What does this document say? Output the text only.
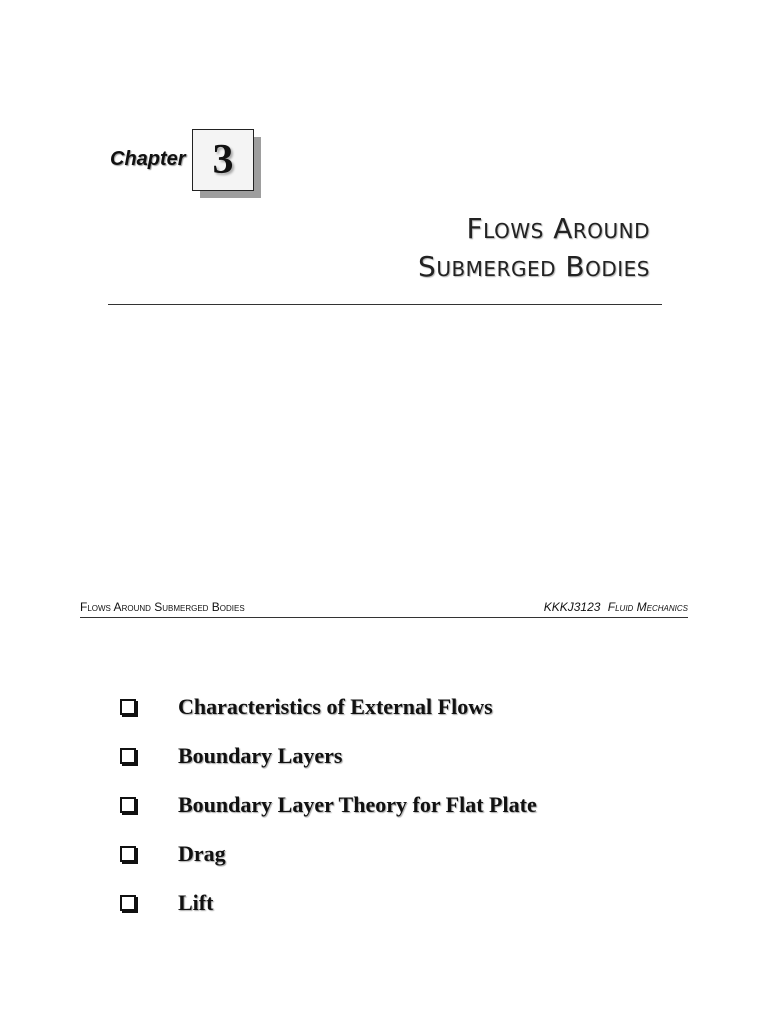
Chapter 3
Flows Around
Submerged Bodies
Flows Around Submerged Bodies	KKKJ3123 Fluid Mechanics
Characteristics of External Flows
Boundary Layers
Boundary Layer Theory for Flat Plate
Drag
Lift
